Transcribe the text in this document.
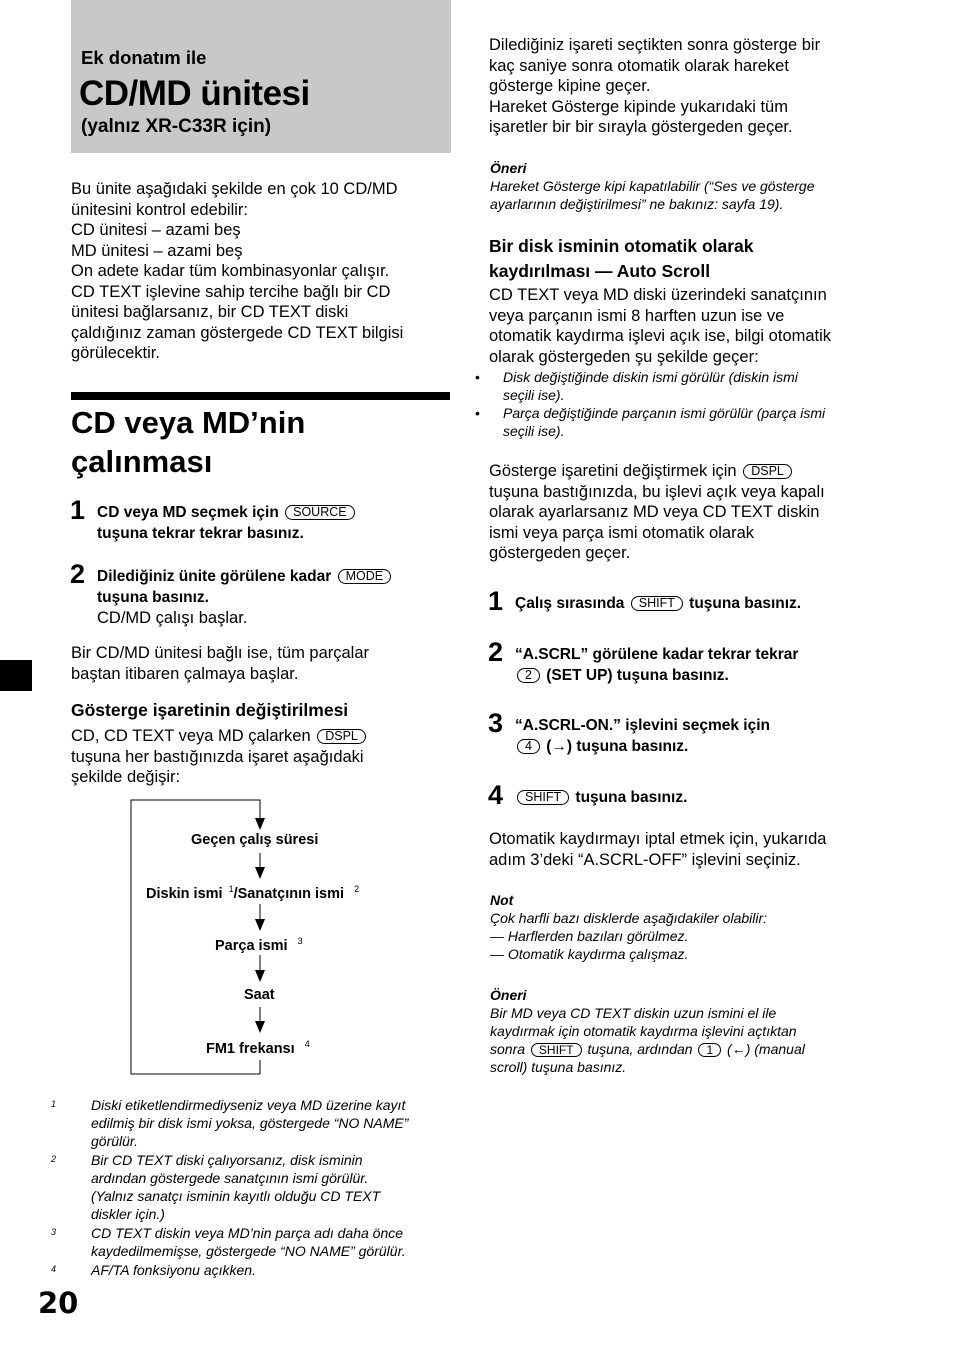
Ek donatım ile
CD/MD ünitesi
(yalnız XR-C33R için)
Bu ünite aşağıdaki şekilde en çok 10 CD/MD
ünitesini kontrol edebilir:
CD ünitesi – azami beş
MD ünitesi – azami beş
On adete kadar tüm kombinasyonlar çalışır.
CD TEXT işlevine sahip tercihe bağlı bir CD
ünitesi bağlarsanız, bir CD TEXT diski
çaldığınız zaman göstergede CD TEXT bilgisi
görülecektir.
CD veya MD’nin
çalınması
1 CD veya MD seçmek için SOURCE
tuşuna tekrar tekrar basınız.
2 Dilediğiniz ünite görülene kadar MODE
tuşuna basınız.
CD/MD çalışı başlar.
Bir CD/MD ünitesi bağlı ise, tüm parçalar
baştan itibaren çalmaya başlar.
Gösterge işaretinin değiştirilmesi
CD, CD TEXT veya MD çalarken DSPL
tuşuna her bastığınızda işaret aşağıdaki
şekilde değişir:
Geçen çalış süresi
Diskin ismi $^1$/Sanatçının ismi $^2$
Parça ismi $^3$
Saat
FM1 frekansı $^4$
1 Diski etiketlendirmediyseniz veya MD üzerine kayıt
edilmiş bir disk ismi yoksa, göstergede “NO NAME”
görülür.
2 Bir CD TEXT diski çalıyorsanız, disk isminin
ardından göstergede sanatçının ismi görülür.
(Yalnız sanatçı isminin kayıtlı olduğu CD TEXT
diskler için.)
3 CD TEXT diskin veya MD’nin parça adı daha önce
kaydedilmemişse, göstergede “NO NAME” görülür.
4 AF/TA fonksiyonu açıkken.
20
Dilediğiniz işareti seçtikten sonra gösterge bir
kaç saniye sonra otomatik olarak hareket
gösterge kipine geçer.
Hareket Gösterge kipinde yukarıdaki tüm
işaretler bir bir sırayla göstergeden geçer.
Öneri
Hareket Gösterge kipi kapatılabilir (“Ses ve gösterge
ayarlarının değiştirilmesi” ne bakınız: sayfa 19).
Bir disk isminin otomatik olarak
kaydırılması — Auto Scroll
CD TEXT veya MD diski üzerindeki sanatçının
veya parçanın ismi 8 harften uzun ise ve
otomatik kaydırma işlevi açık ise, bilgi otomatik
olarak göstergeden şu şekilde geçer:
• Disk değiştiğinde diskin ismi görülür (diskin ismi
seçili ise).
• Parça değiştiğinde parçanın ismi görülür (parça ismi
seçili ise).
Gösterge işaretini değiştirmek için DSPL
tuşuna bastığınızda, bu işlevi açık veya kapalı
olarak ayarlarsanız MD veya CD TEXT diskin
ismi veya parça ismi otomatik olarak
göstergeden geçer.
1 Çalış sırasında SHIFT tuşuna basınız.
2 “A.SCRL” görülene kadar tekrar tekrar
2 (SET UP) tuşuna basınız.
3 “A.SCRL-ON.” işlevini seçmek için
4 (→) tuşuna basınız.
4	SHIFT tuşuna basınız.
Otomatik kaydırmayı iptal etmek için, yukarıda
adım 3’deki “A.SCRL-OFF” işlevini seçiniz.
Not
Çok harfli bazı disklerde aşağıdakiler olabilir:
— Harflerden bazıları görülmez.
— Otomatik kaydırma çalışmaz.
Öneri
Bir MD veya CD TEXT diskin uzun ismini el ile
kaydırmak için otomatik kaydırma işlevini açtıktan
sonra SHIFT tuşuna, ardından 1 (←) (manual
scroll) tuşuna basınız.
